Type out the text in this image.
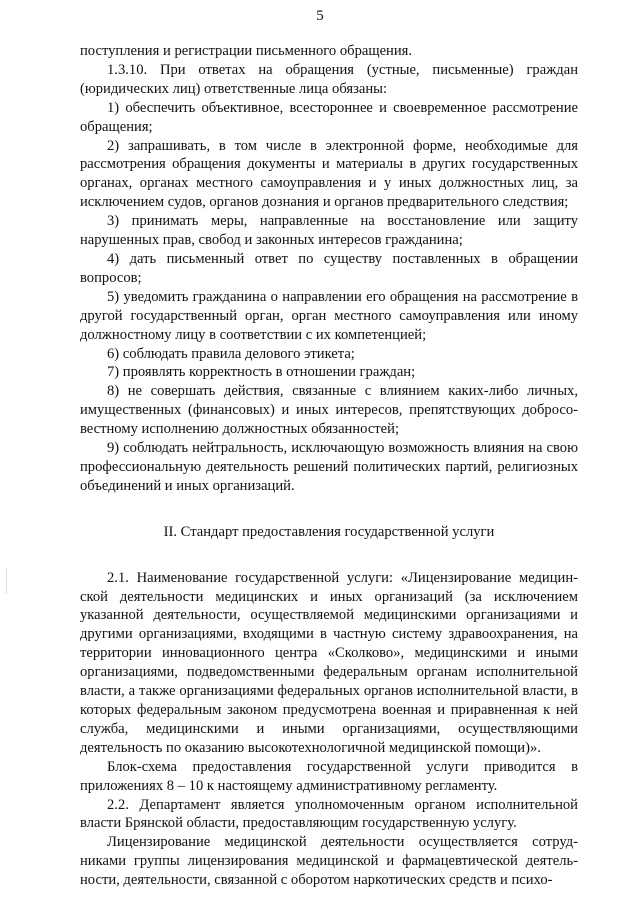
5

поступления и регистрации письменного обращения.

1.3.10. При ответах на обращения (устные, письменные) граждан (юридических лиц) ответственные лица обязаны:

1) обеспечить объективное, всестороннее и своевременное рассмотрение обращения;

2) запрашивать, в том числе в электронной форме, необходимые для рассмотрения обращения документы и материалы в других государственных органах, органах местного самоуправления и у иных должностных лиц, за исключением судов, органов дознания и органов предварительного следствия;

3) принимать меры, направленные на восстановление или защиту нарушенных прав, свобод и законных интересов гражданина;

4) дать письменный ответ по существу поставленных в обращении вопросов;

5) уведомить гражданина о направлении его обращения на рассмотрение в другой государственный орган, орган местного самоуправления или иному должностному лицу в соответствии с их компетенцией;

6) соблюдать правила делового этикета;

7) проявлять корректность в отношении граждан;

8) не совершать действия, связанные с влиянием каких-либо личных, имущественных (финансовых) и иных интересов, препятствующих добросо-вестному исполнению должностных обязанностей;

9) соблюдать нейтральность, исключающую возможность влияния на свою профессиональную деятельность решений политических партий, религиозных объединений и иных организаций.

II. Стандарт предоставления государственной услуги

2.1. Наименование государственной услуги: «Лицензирование медицин-ской деятельности медицинских и иных организаций (за исключением указанной деятельности, осуществляемой медицинскими организациями и другими организациями, входящими в частную систему здравоохранения, на территории инновационного центра «Сколково», медицинскими и иными организациями, подведомственными федеральным органам исполнительной власти, а также организациями федеральных органов исполнительной власти, в которых федеральным законом предусмотрена военная и приравненная к ней служба, медицинскими и иными организациями, осуществляющими деятельность по оказанию высокотехнологичной медицинской помощи)».

Блок-схема предоставления государственной услуги приводится в приложениях 8 – 10 к настоящему административному регламенту.

2.2. Департамент является уполномоченным органом исполнительной власти Брянской области, предоставляющим государственную услугу.

Лицензирование медицинской деятельности осуществляется сотруд-никами группы лицензирования медицинской и фармацевтической деятель-ности, деятельности, связанной с оборотом наркотических средств и психо-
